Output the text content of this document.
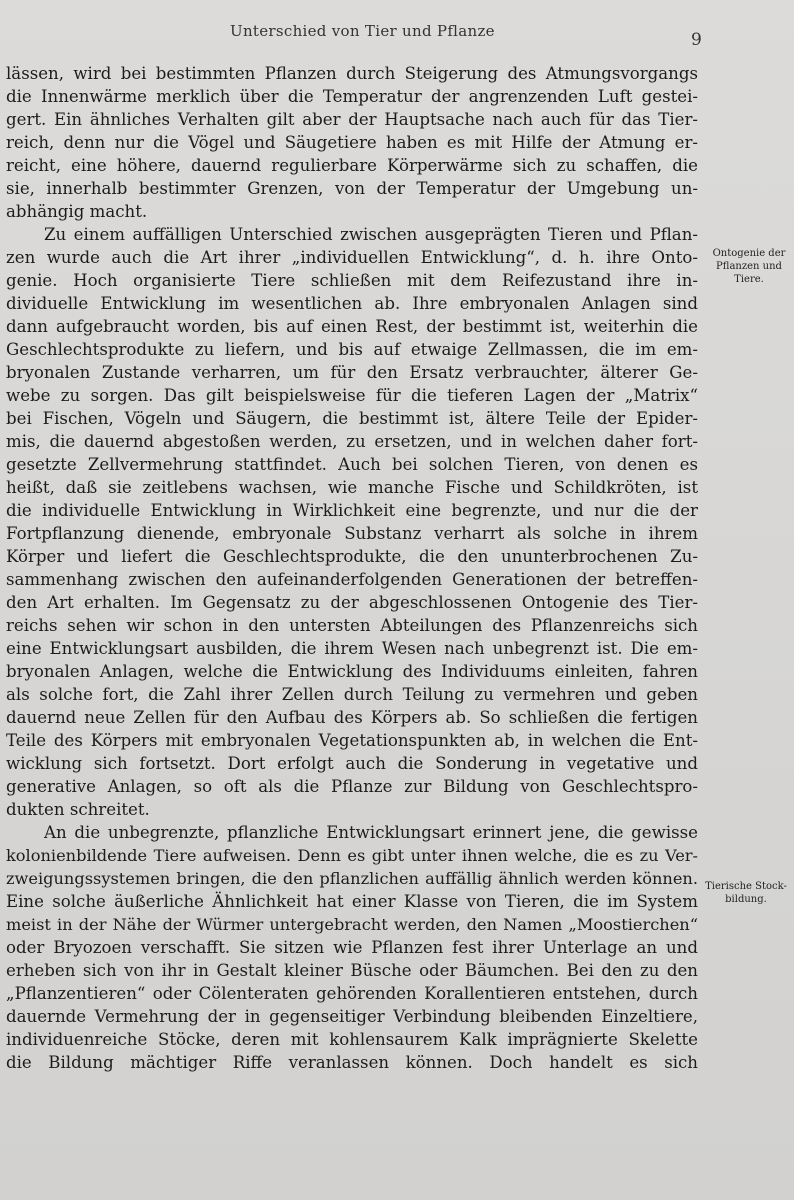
Unterschied von Tier und Pflanze	9
Ontogenie der
Pflanzen und
Tiere.
Tierische Stock-
bildung.
lässen, wird bei bestimmten Pflanzen durch Steigerung des Atmungsvorgangs
die Innenwärme merklich über die Temperatur der angrenzenden Luft gestei-
gert. Ein ähnliches Verhalten gilt aber der Hauptsache nach auch für das Tier-
reich, denn nur die Vögel und Säugetiere haben es mit Hilfe der Atmung er-
reicht, eine höhere, dauernd regulierbare Körperwärme sich zu schaffen, die
sie, innerhalb bestimmter Grenzen, von der Temperatur der Umgebung un-
abhängig macht.
Zu einem auffälligen Unterschied zwischen ausgeprägten Tieren und Pflan-
zen wurde auch die Art ihrer „individuellen Entwicklung“, d. h. ihre Onto-
genie. Hoch organisierte Tiere schließen mit dem Reifezustand ihre in-
dividuelle Entwicklung im wesentlichen ab. Ihre embryonalen Anlagen sind
dann aufgebraucht worden, bis auf einen Rest, der bestimmt ist, weiterhin die
Geschlechtsprodukte zu liefern, und bis auf etwaige Zellmassen, die im em-
bryonalen Zustande verharren, um für den Ersatz verbrauchter, älterer Ge-
webe zu sorgen. Das gilt beispielsweise für die tieferen Lagen der „Matrix“
bei Fischen, Vögeln und Säugern, die bestimmt ist, ältere Teile der Epider-
mis, die dauernd abgestoßen werden, zu ersetzen, und in welchen daher fort-
gesetzte Zellvermehrung stattfindet. Auch bei solchen Tieren, von denen es
heißt, daß sie zeitlebens wachsen, wie manche Fische und Schildkröten, ist
die individuelle Entwicklung in Wirklichkeit eine begrenzte, und nur die der
Fortpflanzung dienende, embryonale Substanz verharrt als solche in ihrem
Körper und liefert die Geschlechtsprodukte, die den ununterbrochenen Zu-
sammenhang zwischen den aufeinanderfolgenden Generationen der betreffen-
den Art erhalten. Im Gegensatz zu der abgeschlossenen Ontogenie des Tier-
reichs sehen wir schon in den untersten Abteilungen des Pflanzenreichs sich
eine Entwicklungsart ausbilden, die ihrem Wesen nach unbegrenzt ist. Die em-
bryonalen Anlagen, welche die Entwicklung des Individuums einleiten, fahren
als solche fort, die Zahl ihrer Zellen durch Teilung zu vermehren und geben
dauernd neue Zellen für den Aufbau des Körpers ab. So schließen die fertigen
Teile des Körpers mit embryonalen Vegetationspunkten ab, in welchen die Ent-
wicklung sich fortsetzt. Dort erfolgt auch die Sonderung in vegetative und
generative Anlagen, so oft als die Pflanze zur Bildung von Geschlechtspro-
dukten schreitet.
An die unbegrenzte, pflanzliche Entwicklungsart erinnert jene, die gewisse
kolonienbildende Tiere aufweisen. Denn es gibt unter ihnen welche, die es zu Ver-
zweigungssystemen bringen, die den pflanzlichen auffällig ähnlich werden können.
Eine solche äußerliche Ähnlichkeit hat einer Klasse von Tieren, die im System
meist in der Nähe der Würmer untergebracht werden, den Namen „Moostierchen“
oder Bryozoen verschafft. Sie sitzen wie Pflanzen fest ihrer Unterlage an und
erheben sich von ihr in Gestalt kleiner Büsche oder Bäumchen. Bei den zu den
„Pflanzentieren“ oder Cölenteraten gehörenden Korallentieren entstehen, durch
dauernde Vermehrung der in gegenseitiger Verbindung bleibenden Einzeltiere,
individuenreiche Stöcke, deren mit kohlensaurem Kalk imprägnierte Skelette
die Bildung mächtiger Riffe veranlassen können. Doch handelt es sich
